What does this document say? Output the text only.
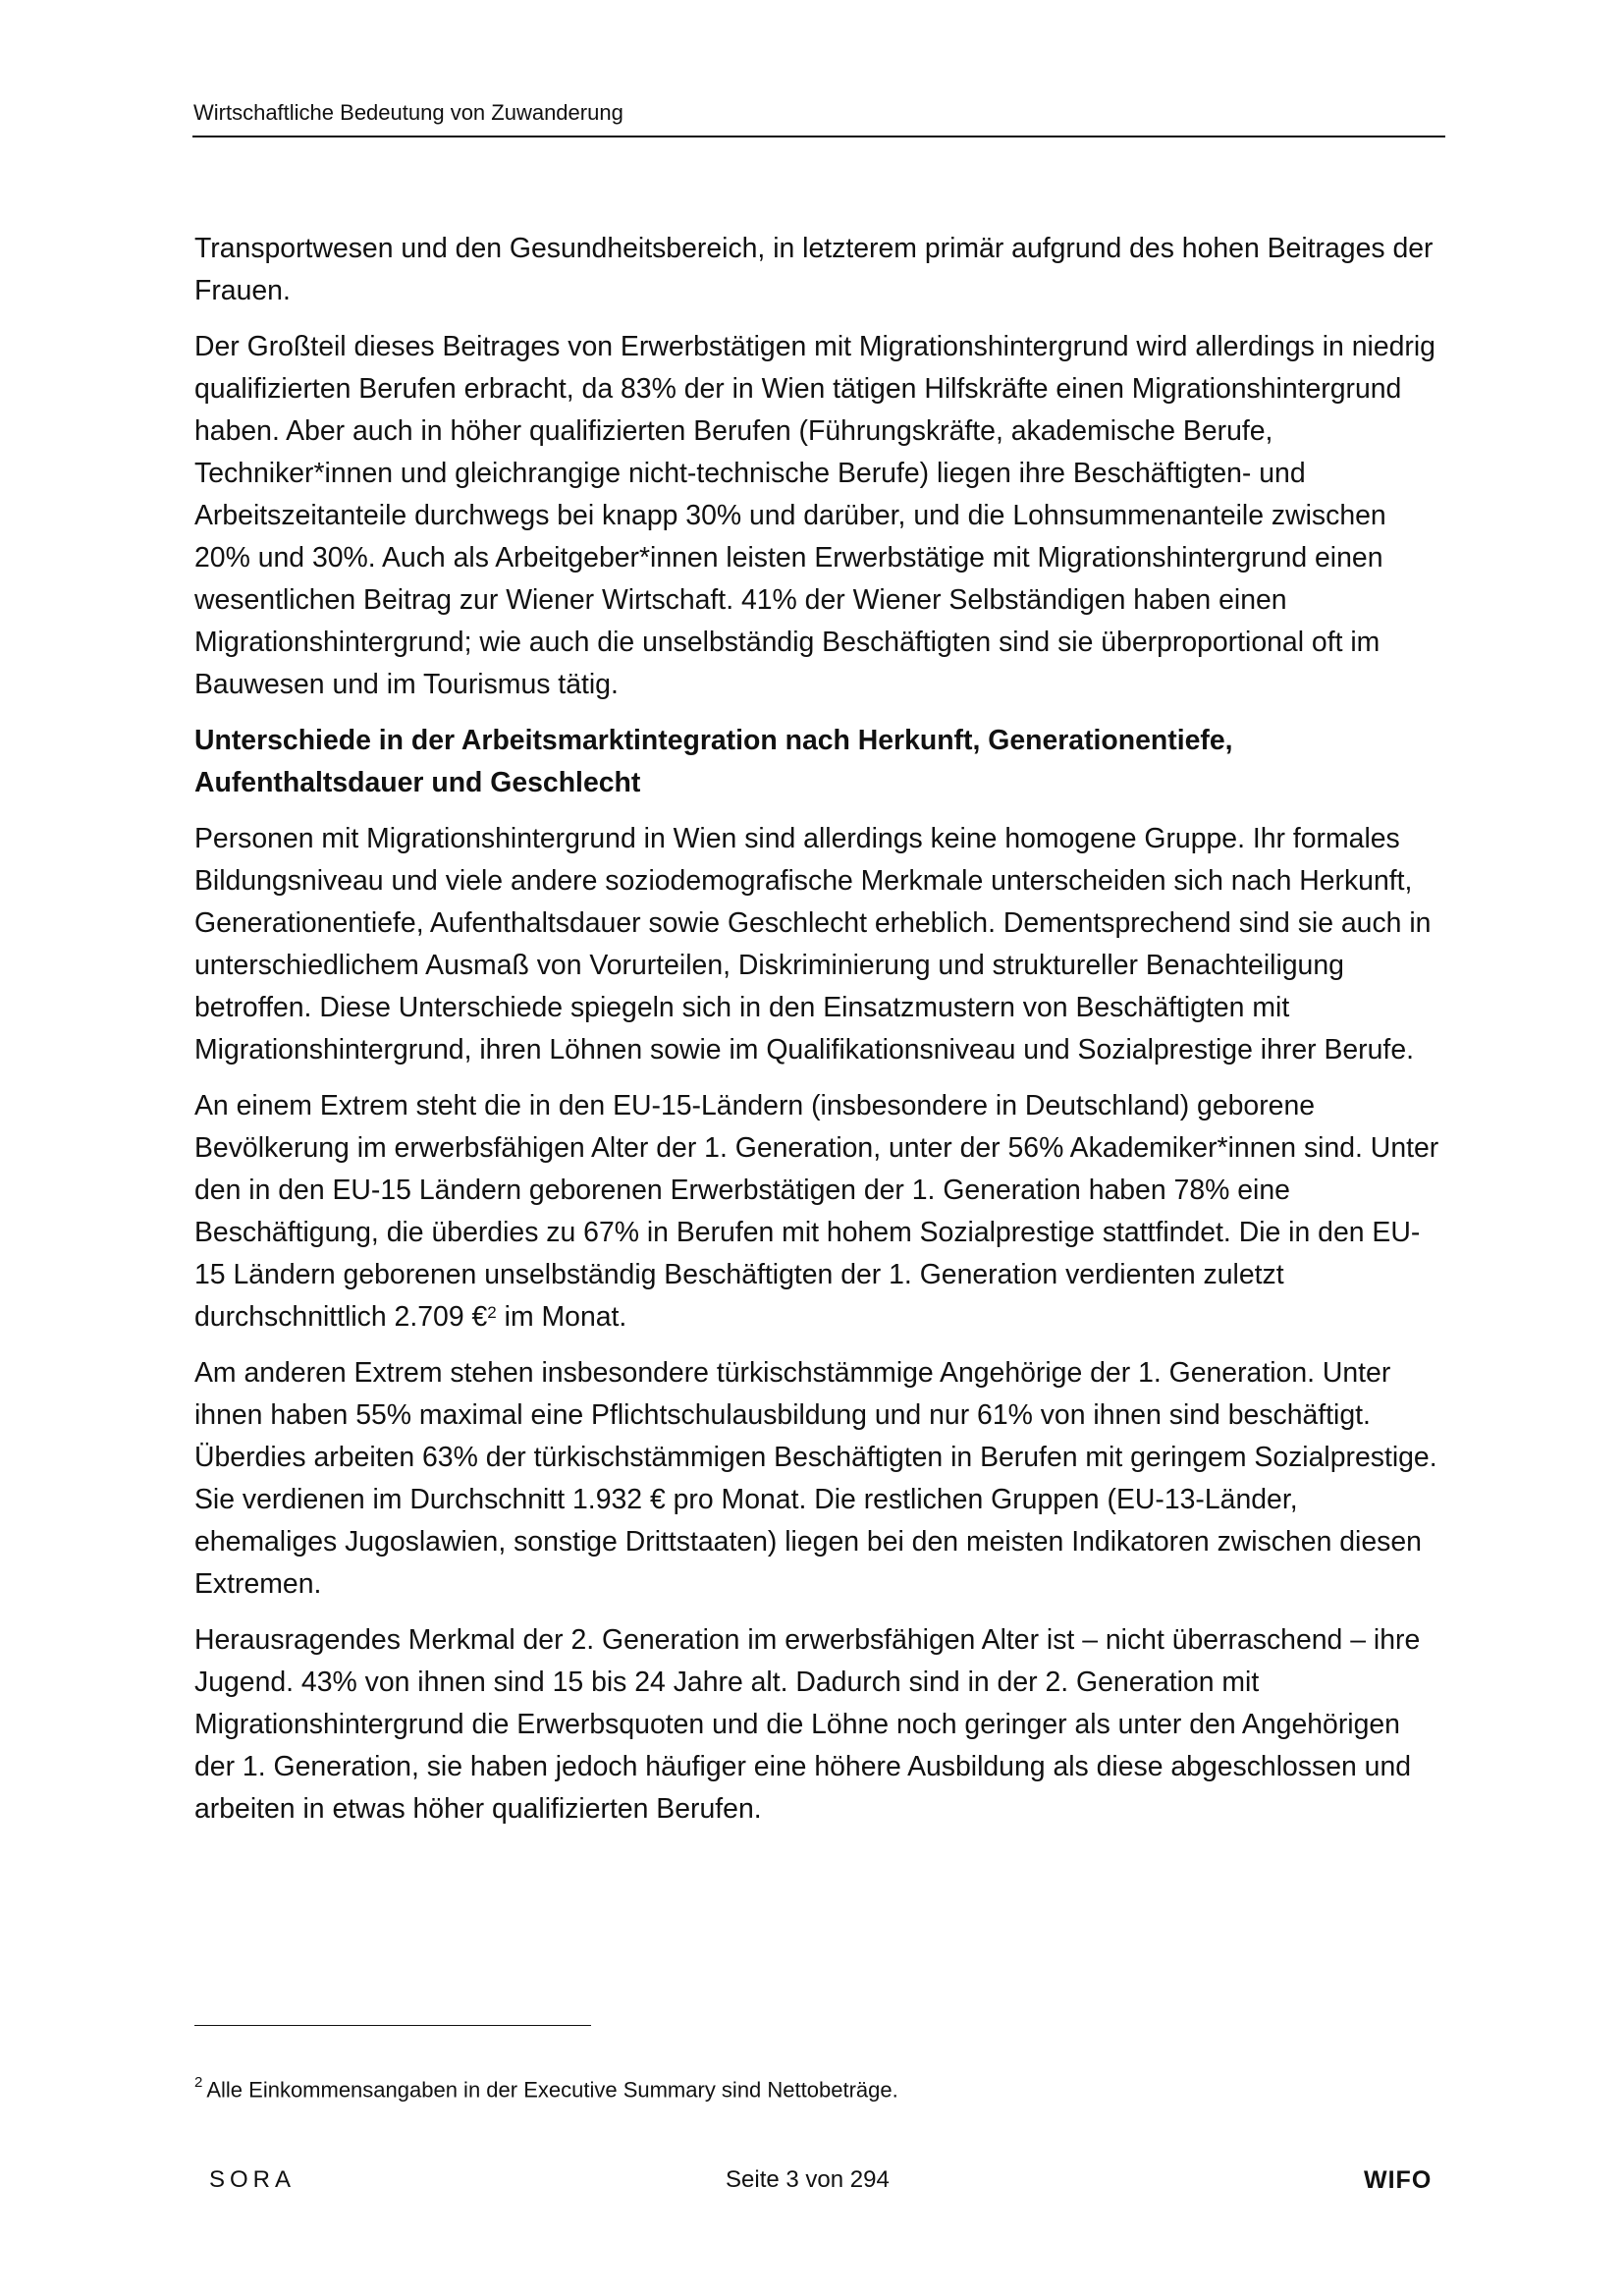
Wirtschaftliche Bedeutung von Zuwanderung

Transportwesen und den Gesundheitsbereich, in letzterem primär aufgrund des hohen Beitrages der Frauen.

Der Großteil dieses Beitrages von Erwerbstätigen mit Migrationshintergrund wird allerdings in niedrig qualifizierten Berufen erbracht, da 83% der in Wien tätigen Hilfskräfte einen Migrationshintergrund haben. Aber auch in höher qualifizierten Berufen (Führungskräfte, akademische Berufe, Techniker*innen und gleichrangige nicht-technische Berufe) liegen ihre Beschäftigten- und Arbeitszeitanteile durchwegs bei knapp 30% und darüber, und die Lohnsummenanteile zwischen 20% und 30%. Auch als Arbeitgeber*innen leisten Erwerbstätige mit Migrationshintergrund einen wesentlichen Beitrag zur Wiener Wirtschaft. 41% der Wiener Selbständigen haben einen Migrationshintergrund; wie auch die unselbständig Beschäftigten sind sie überproportional oft im Bauwesen und im Tourismus tätig.

Unterschiede in der Arbeitsmarktintegration nach Herkunft, Generationentiefe, Aufenthaltsdauer und Geschlecht

Personen mit Migrationshintergrund in Wien sind allerdings keine homogene Gruppe. Ihr formales Bildungsniveau und viele andere soziodemografische Merkmale unterscheiden sich nach Herkunft, Generationentiefe, Aufenthaltsdauer sowie Geschlecht erheblich. Dementsprechend sind sie auch in unterschiedlichem Ausmaß von Vorurteilen, Diskriminierung und struktureller Benachteiligung betroffen. Diese Unterschiede spiegeln sich in den Einsatzmustern von Beschäftigten mit Migrationshintergrund, ihren Löhnen sowie im Qualifikationsniveau und Sozialprestige ihrer Berufe.

An einem Extrem steht die in den EU-15-Ländern (insbesondere in Deutschland) geborene Bevölkerung im erwerbsfähigen Alter der 1. Generation, unter der 56% Akademiker*innen sind. Unter den in den EU-15 Ländern geborenen Erwerbstätigen der 1. Generation haben 78% eine Beschäftigung, die überdies zu 67% in Berufen mit hohem Sozialprestige stattfindet. Die in den EU-15 Ländern geborenen unselbständig Beschäftigten der 1. Generation verdienten zuletzt durchschnittlich 2.709 €$^2$ im Monat.

Am anderen Extrem stehen insbesondere türkischstämmige Angehörige der 1. Generation. Unter ihnen haben 55% maximal eine Pflichtschulausbildung und nur 61% von ihnen sind beschäftigt. Überdies arbeiten 63% der türkischstämmigen Beschäftigten in Berufen mit geringem Sozialprestige. Sie verdienen im Durchschnitt 1.932 € pro Monat. Die restlichen Gruppen (EU-13-Länder, ehemaliges Jugoslawien, sonstige Drittstaaten) liegen bei den meisten Indikatoren zwischen diesen Extremen.

Herausragendes Merkmal der 2. Generation im erwerbsfähigen Alter ist – nicht überraschend – ihre Jugend. 43% von ihnen sind 15 bis 24 Jahre alt. Dadurch sind in der 2. Generation mit Migrationshintergrund die Erwerbsquoten und die Löhne noch geringer als unter den Angehörigen der 1. Generation, sie haben jedoch häufiger eine höhere Ausbildung als diese abgeschlossen und arbeiten in etwas höher qualifizierten Berufen.

$^2$ Alle Einkommensangaben in der Executive Summary sind Nettobeträge.
SORA	Seite 3 von 294	WIFO
